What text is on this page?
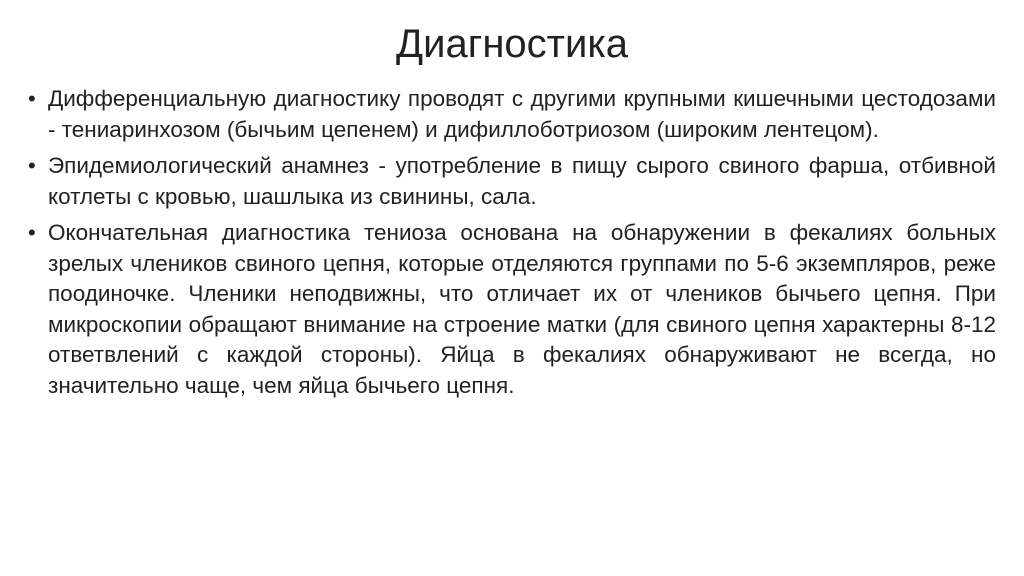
Диагностика
• Дифференциальную диагностику проводят с другими крупными кишечными цестодозами - тениаринхозом (бычьим цепенем) и дифиллоботриозом (широким лентецом).
• Эпидемиологический анамнез - употребление в пищу сырого свиного фарша, отбивной котлеты с кровью, шашлыка из свинины, сала.
• Окончательная диагностика тениоза основана на обнаружении в фекалиях больных зрелых члеников свиного цепня, которые отделяются группами по 5-6 экземпляров, реже поодиночке. Членики неподвижны, что отличает их от члеников бычьего цепня. При микроскопии обращают внимание на строение матки (для свиного цепня характерны 8-12 ответвлений с каждой стороны). Яйца в фекалиях обнаруживают не всегда, но значительно чаще, чем яйца бычьего цепня.
